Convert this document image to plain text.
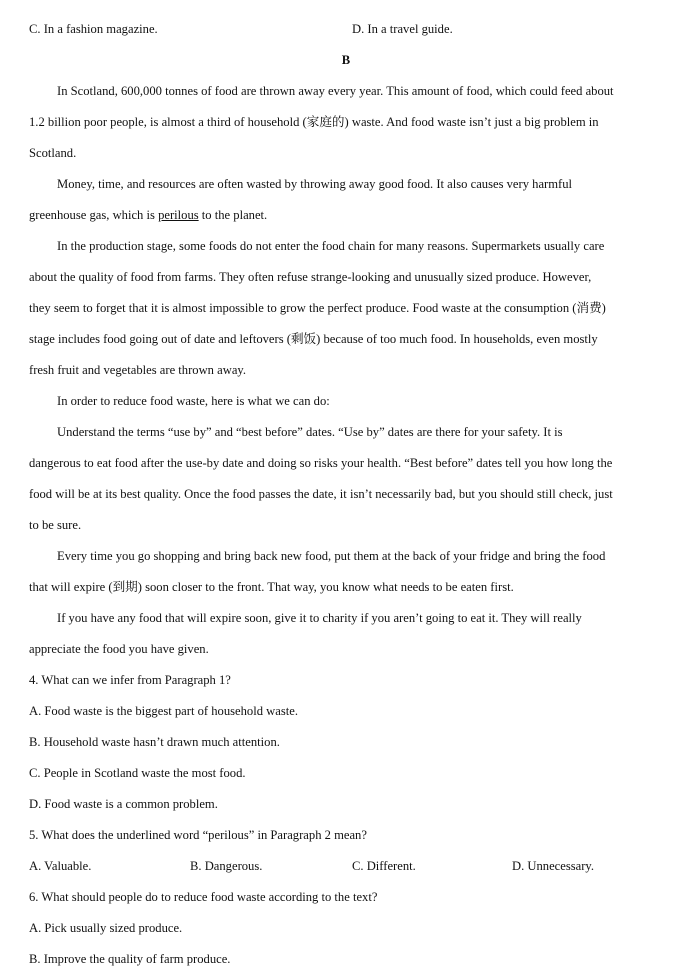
C. In a fashion magazine.	D. In a travel guide.
B
In Scotland, 600,000 tonnes of food are thrown away every year. This amount of food, which could feed about
1.2 billion poor people, is almost a third of household (家庭的) waste. And food waste isn’t just a big problem in
Scotland.
Money, time, and resources are often wasted by throwing away good food. It also causes very harmful
greenhouse gas, which is perilous to the planet.
In the production stage, some foods do not enter the food chain for many reasons. Supermarkets usually care
about the quality of food from farms. They often refuse strange-looking and unusually sized produce. However,
they seem to forget that it is almost impossible to grow the perfect produce. Food waste at the consumption (消费)
stage includes food going out of date and leftovers (剩饭) because of too much food. In households, even mostly
fresh fruit and vegetables are thrown away.
In order to reduce food waste, here is what we can do:
Understand the terms “use by” and “best before” dates. “Use by” dates are there for your safety. It is
dangerous to eat food after the use-by date and doing so risks your health. “Best before” dates tell you how long the
food will be at its best quality. Once the food passes the date, it isn’t necessarily bad, but you should still check, just
to be sure.
Every time you go shopping and bring back new food, put them at the back of your fridge and bring the food
that will expire (到期) soon closer to the front. That way, you know what needs to be eaten first.
If you have any food that will expire soon, give it to charity if you aren’t going to eat it. They will really
appreciate the food you have given.
4. What can we infer from Paragraph 1?
A. Food waste is the biggest part of household waste.
B. Household waste hasn’t drawn much attention.
C. People in Scotland waste the most food.
D. Food waste is a common problem.
5. What does the underlined word “perilous” in Paragraph 2 mean?
A. Valuable.	B. Dangerous.	C. Different.	D. Unnecessary.
6. What should people do to reduce food waste according to the text?
A. Pick usually sized produce.
B. Improve the quality of farm produce.
